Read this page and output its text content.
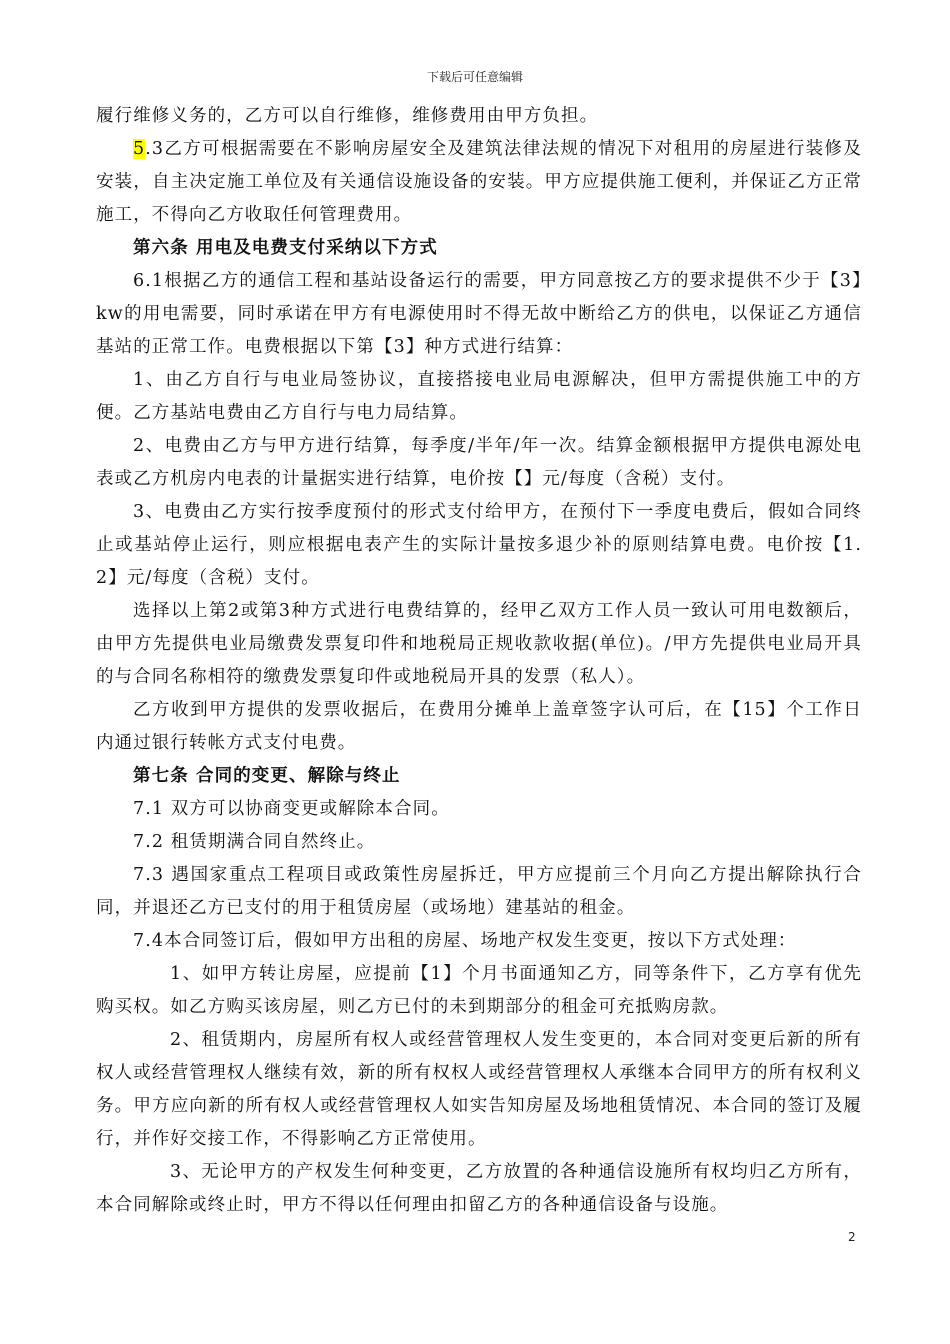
下载后可任意编辑

履行维修义务的，乙方可以自行维修，维修费用由甲方负担。

5.3乙方可根据需要在不影响房屋安全及建筑法律法规的情况下对租用的房屋进行装修及安装，自主决定施工单位及有关通信设施设备的安装。甲方应提供施工便利，并保证乙方正常施工，不得向乙方收取任何管理费用。

第六条 用电及电费支付采纳以下方式

6.1根据乙方的通信工程和基站设备运行的需要，甲方同意按乙方的要求提供不少于【3】kw的用电需要，同时承诺在甲方有电源使用时不得无故中断给乙方的供电，以保证乙方通信基站的正常工作。电费根据以下第【3】种方式进行结算：

1、由乙方自行与电业局签协议，直接搭接电业局电源解决，但甲方需提供施工中的方便。乙方基站电费由乙方自行与电力局结算。

2、电费由乙方与甲方进行结算，每季度/半年/年一次。结算金额根据甲方提供电源处电表或乙方机房内电表的计量据实进行结算，电价按【】元/每度（含税）支付。

3、电费由乙方实行按季度预付的形式支付给甲方，在预付下一季度电费后，假如合同终止或基站停止运行，则应根据电表产生的实际计量按多退少补的原则结算电费。电价按【1.2】元/每度（含税）支付。

选择以上第2或第3种方式进行电费结算的，经甲乙双方工作人员一致认可用电数额后，由甲方先提供电业局缴费发票复印件和地税局正规收款收据(单位)。/甲方先提供电业局开具的与合同名称相符的缴费发票复印件或地税局开具的发票（私人）。

乙方收到甲方提供的发票收据后，在费用分摊单上盖章签字认可后，在【15】个工作日内通过银行转帐方式支付电费。

第七条 合同的变更、解除与终止

7.1 双方可以协商变更或解除本合同。

7.2 租赁期满合同自然终止。

7.3 遇国家重点工程项目或政策性房屋拆迁，甲方应提前三个月向乙方提出解除执行合同，并退还乙方已支付的用于租赁房屋（或场地）建基站的租金。

7.4本合同签订后，假如甲方出租的房屋、场地产权发生变更，按以下方式处理：

1、如甲方转让房屋，应提前【1】个月书面通知乙方，同等条件下，乙方享有优先购买权。如乙方购买该房屋，则乙方已付的未到期部分的租金可充抵购房款。

2、租赁期内，房屋所有权人或经营管理权人发生变更的，本合同对变更后新的所有权人或经营管理权人继续有效，新的所有权权人或经营管理权人承继本合同甲方的所有权利义务。甲方应向新的所有权人或经营管理权人如实告知房屋及场地租赁情况、本合同的签订及履行，并作好交接工作，不得影响乙方正常使用。

3、无论甲方的产权发生何种变更，乙方放置的各种通信设施所有权均归乙方所有，本合同解除或终止时，甲方不得以任何理由扣留乙方的各种通信设备与设施。

2
